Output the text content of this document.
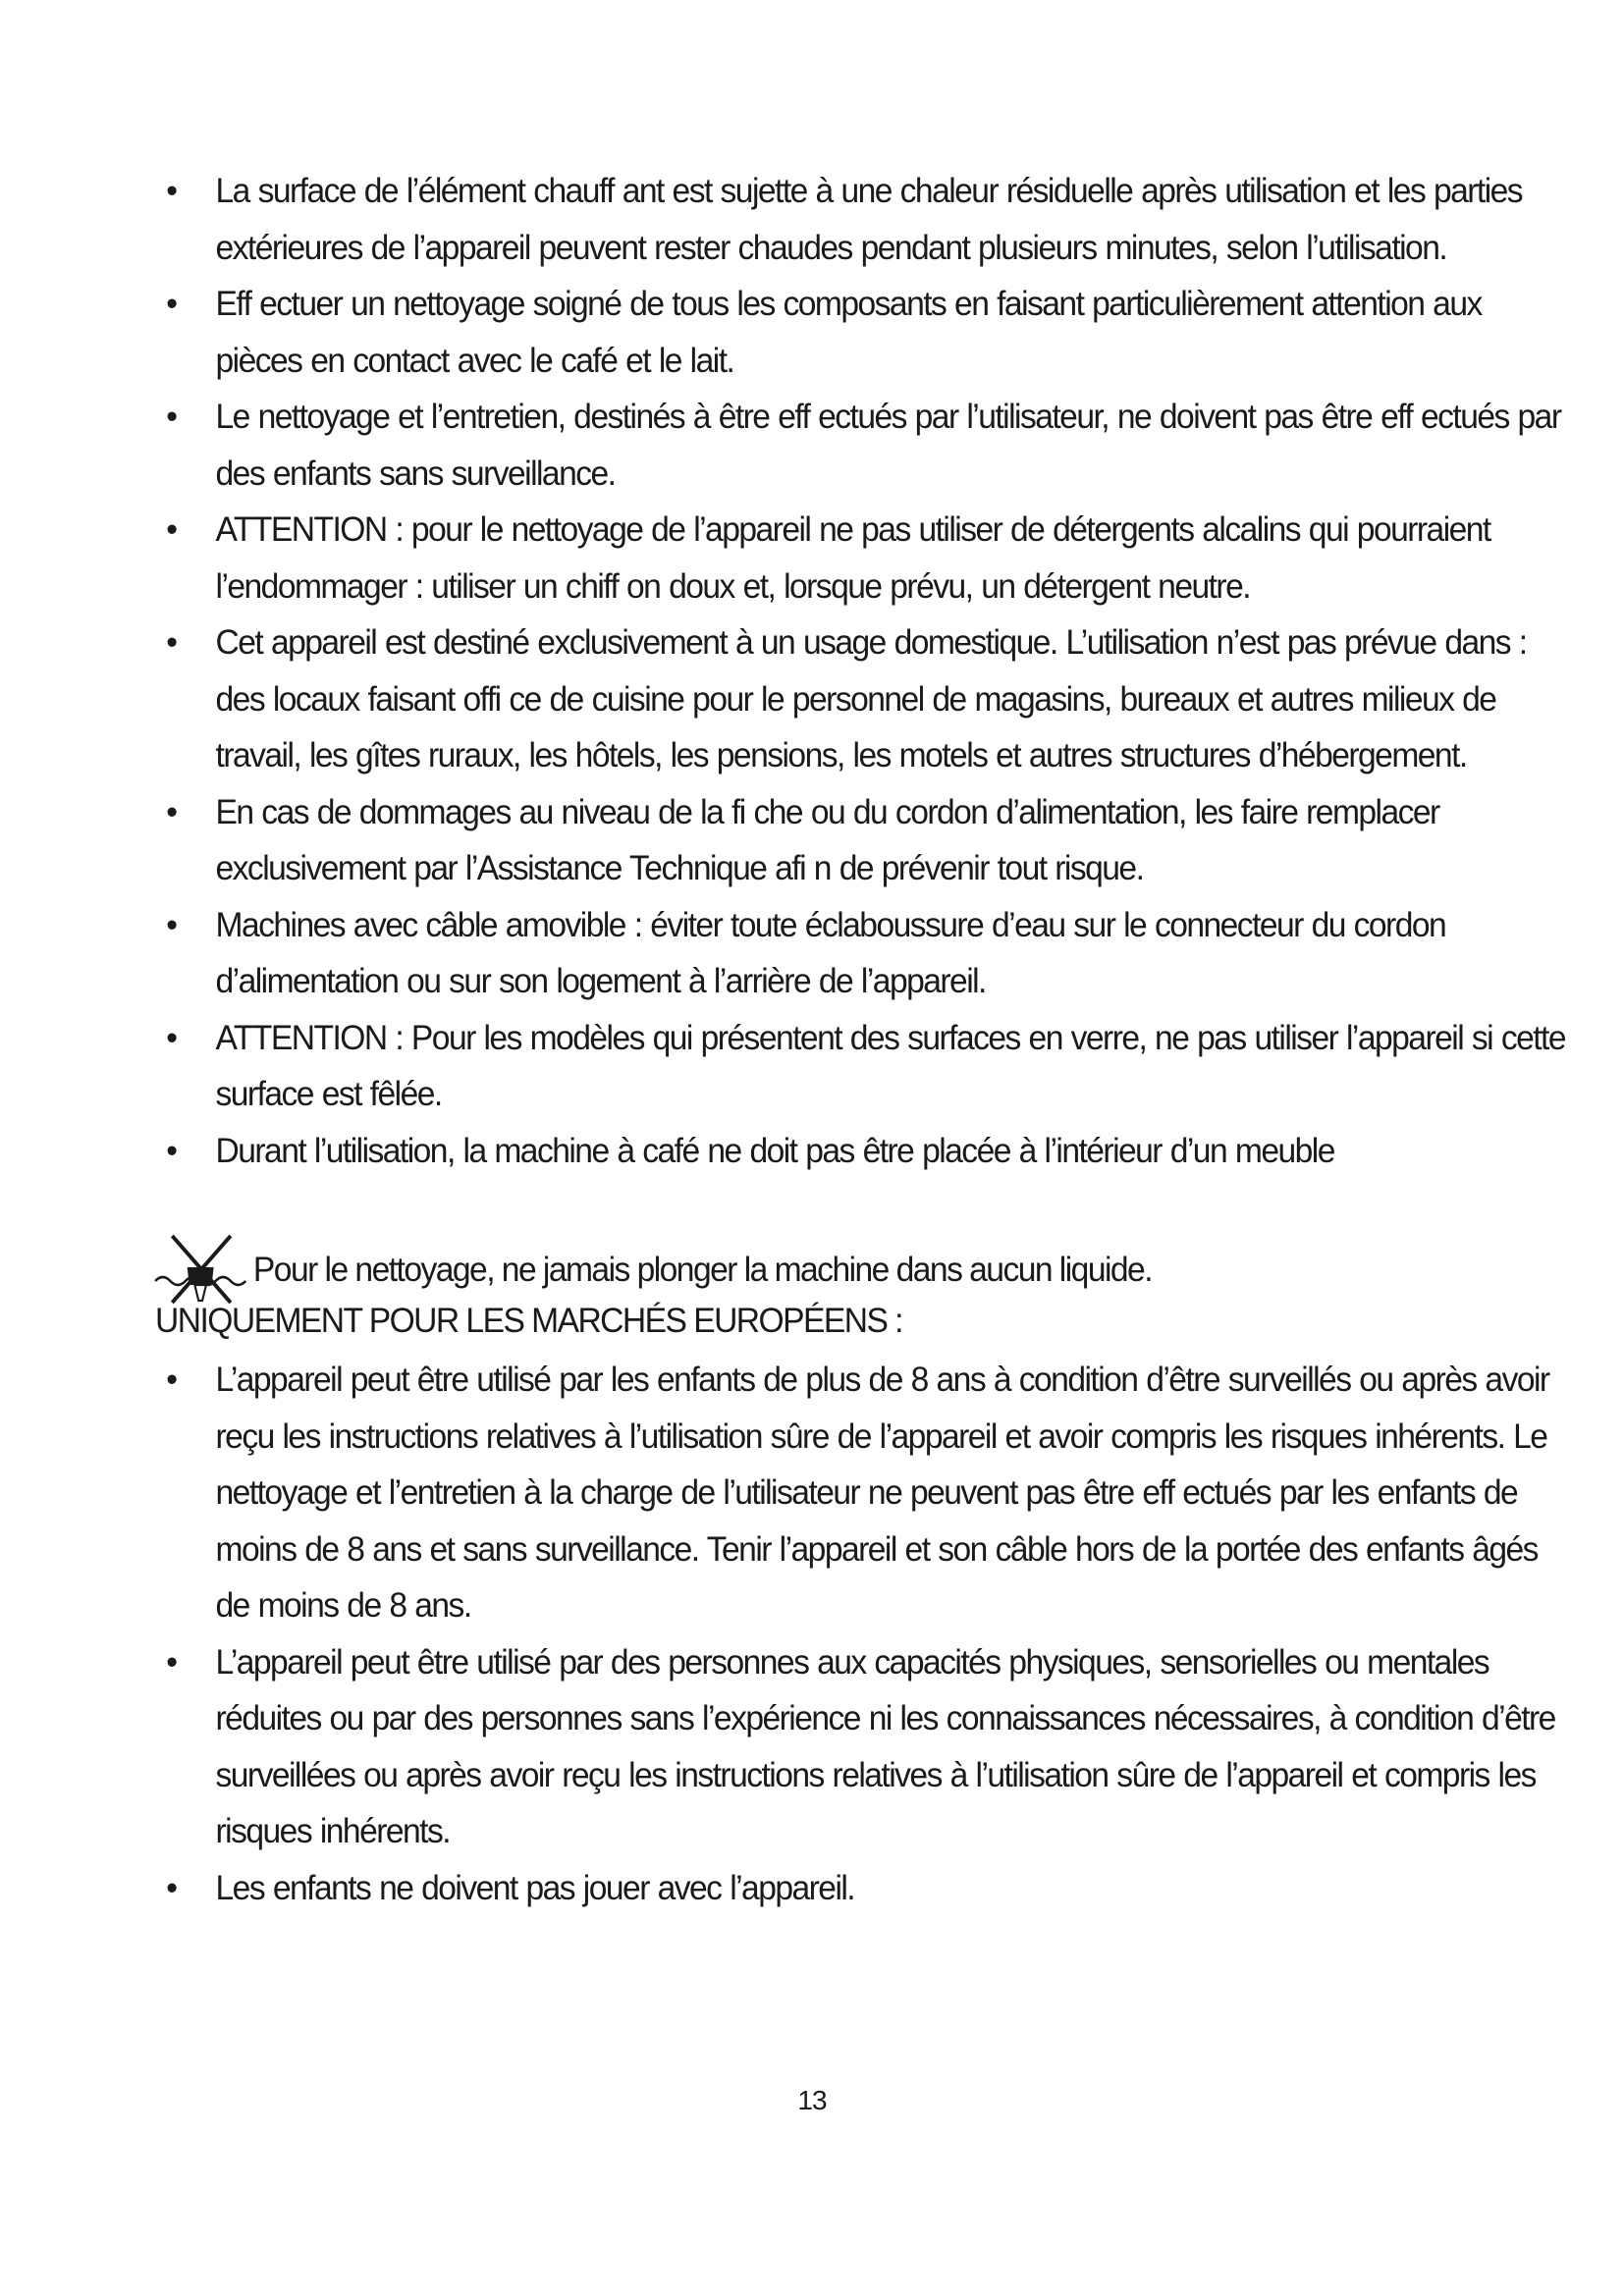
• La surface de l’élément chauff ant est sujette à une chaleur résiduelle après utilisation et les parties extérieures de l’appareil peuvent rester chaudes pendant plusieurs minutes, selon l’utilisation.
• Eff ectuer un nettoyage soigné de tous les composants en faisant particulièrement attention aux pièces en contact avec le café et le lait.
• Le nettoyage et l’entretien, destinés à être eff ectués par l’utilisateur, ne doivent pas être eff ectués par des enfants sans surveillance.
• ATTENTION : pour le nettoyage de l’appareil ne pas utiliser de détergents alcalins qui pourraient l’endommager : utiliser un chiff on doux et, lorsque prévu, un détergent neutre.
• Cet appareil est destiné exclusivement à un usage domestique. L’utilisation n’est pas prévue dans : des locaux faisant offi ce de cuisine pour le personnel de magasins, bureaux et autres milieux de travail, les gîtes ruraux, les hôtels, les pensions, les motels et autres structures d’hébergement.
• En cas de dommages au niveau de la fi che ou du cordon d’alimentation, les faire remplacer exclusivement par l’Assistance Technique afi n de prévenir tout risque.
• Machines avec câble amovible : éviter toute éclaboussure d’eau sur le connecteur du cordon d’alimentation ou sur son logement à l’arrière de l’appareil.
• ATTENTION : Pour les modèles qui présentent des surfaces en verre, ne pas utiliser l’appareil si cette surface est fêlée.
• Durant l’utilisation, la machine à café ne doit pas être placée à l’intérieur d’un meuble
Pour le nettoyage, ne jamais plonger la machine dans aucun liquide.
UNIQUEMENT POUR LES MARCHÉS EUROPÉENS :
• L’appareil peut être utilisé par les enfants de plus de 8 ans à condition d’être surveillés ou après avoir reçu les instructions relatives à l’utilisation sûre de l’appareil et avoir compris les risques inhérents. Le nettoyage et l’entretien à la charge de l’utilisateur ne peuvent pas être eff ectués par les enfants de moins de 8 ans et sans surveillance. Tenir l’appareil et son câble hors de la portée des enfants âgés de moins de 8 ans.
• L’appareil peut être utilisé par des personnes aux capacités physiques, sensorielles ou mentales réduites ou par des personnes sans l’expérience ni les connaissances nécessaires, à condition d’être surveillées ou après avoir reçu les instructions relatives à l’utilisation sûre de l’appareil et compris les risques inhérents.
• Les enfants ne doivent pas jouer avec l’appareil.
13
